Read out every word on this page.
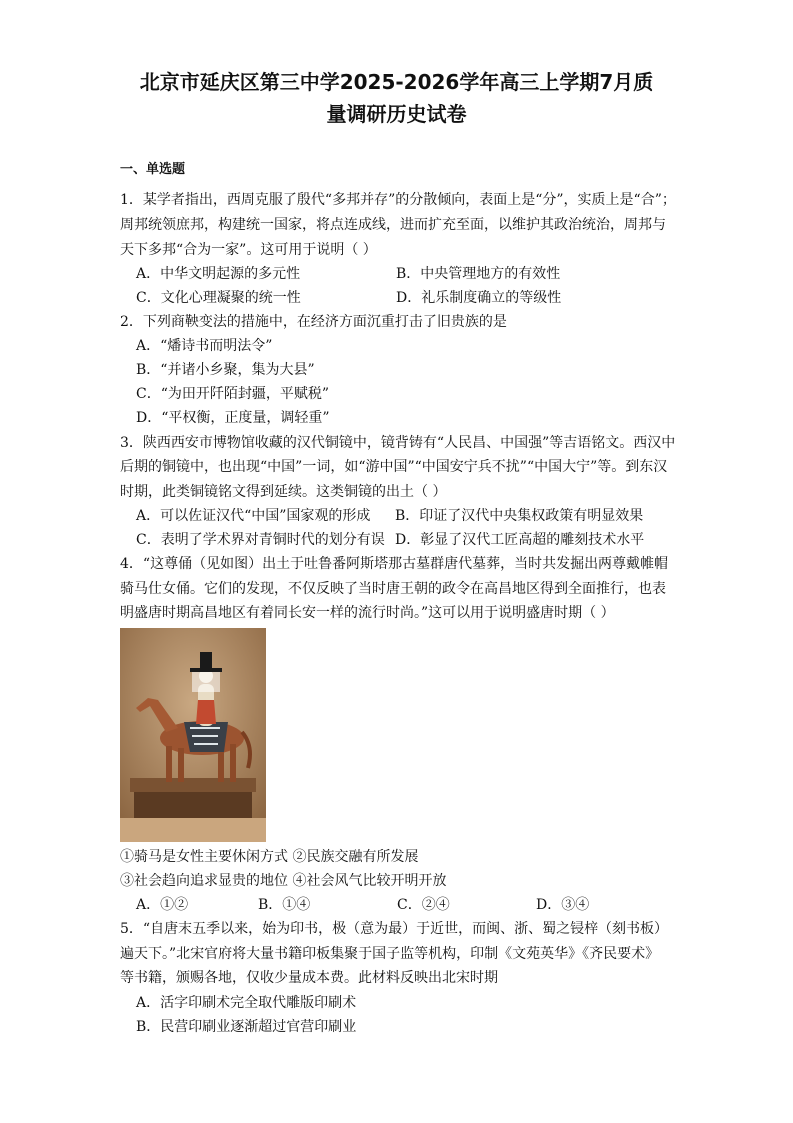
北京市延庆区第三中学2025-2026学年高三上学期7月质
量调研历史试卷
一、单选题
1．某学者指出，西周克服了殷代“多邦并存”的分散倾向，表面上是“分”，实质上是“合”；
周邦统领庶邦，构建统一国家，将点连成线，进而扩充至面，以维护其政治统治，周邦与
天下多邦“合为一家”。这可用于说明（ ）
A．中华文明起源的多元性	B．中央管理地方的有效性
C．文化心理凝聚的统一性	D．礼乐制度确立的等级性
2．下列商鞅变法的措施中，在经济方面沉重打击了旧贵族的是
A．“燔诗书而明法令”
B．“并诸小乡聚，集为大县”
C．“为田开阡陌封疆，平赋税”
D．“平权衡，正度量，调轻重”
3．陕西西安市博物馆收藏的汉代铜镜中，镜背铸有“人民昌、中国强”等吉语铭文。西汉中
后期的铜镜中，也出现“中国”一词，如“游中国”“中国安宁兵不扰”“中国大宁”等。到东汉
时期，此类铜镜铭文得到延续。这类铜镜的出土（ ）
A．可以佐证汉代“中国”国家观的形成	B．印证了汉代中央集权政策有明显效果
C．表明了学术界对青铜时代的划分有误 D．彰显了汉代工匠高超的雕刻技术水平
4．“这尊俑（见如图）出土于吐鲁番阿斯塔那古墓群唐代墓葬，当时共发掘出两尊戴帷帽
骑马仕女俑。它们的发现，不仅反映了当时唐王朝的政令在高昌地区得到全面推行，也表
明盛唐时期高昌地区有着同长安一样的流行时尚。”这可以用于说明盛唐时期（ ）
①骑马是女性主要休闲方式 ②民族交融有所发展
③社会趋向追求显贵的地位 ④社会风气比较开明开放
A．①②	B．①④	C．②④	D．③④
5．“自唐末五季以来，始为印书，极（意为最）于近世，而闽、浙、蜀之锓梓（刻书板）
遍天下。”北宋官府将大量书籍印板集聚于国子监等机构，印制《文苑英华》《齐民要术》
等书籍，颁赐各地，仅收少量成本费。此材料反映出北宋时期
A．活字印刷术完全取代雕版印刷术
B．民营印刷业逐渐超过官营印刷业
